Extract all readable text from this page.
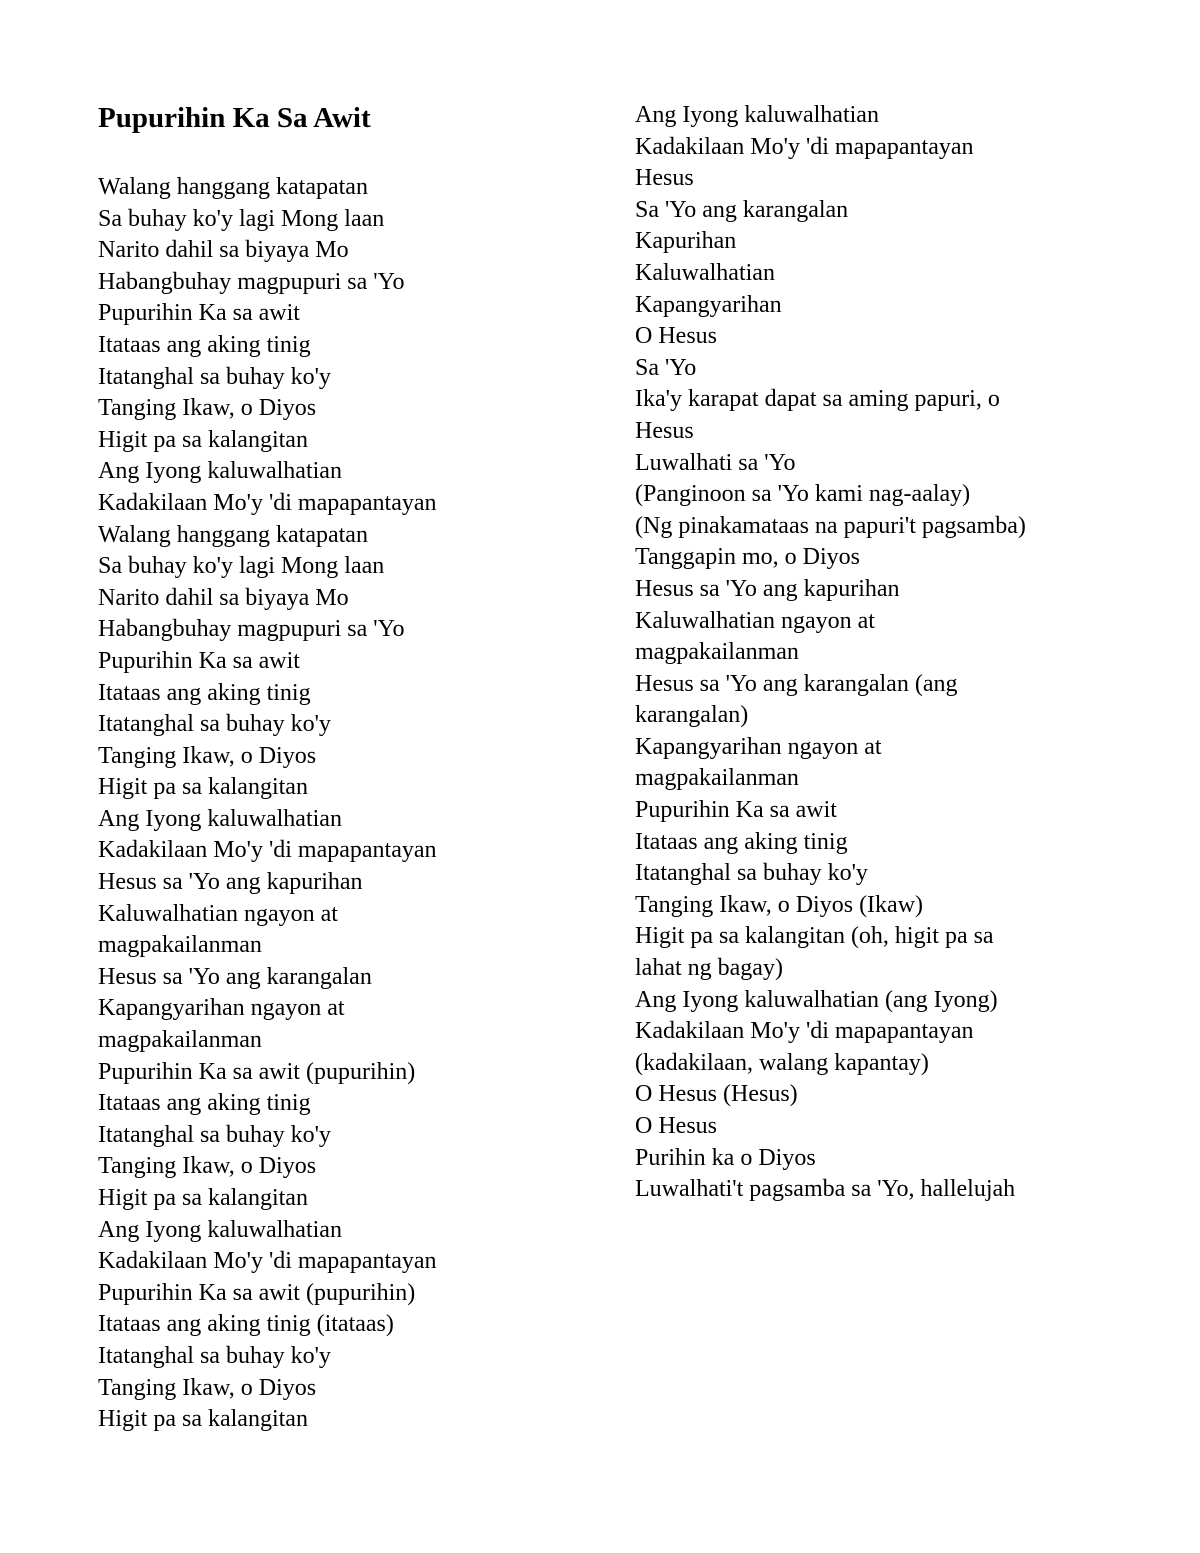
Pupurihin Ka Sa Awit
Walang hanggang katapatan
Sa buhay ko'y lagi Mong laan
Narito dahil sa biyaya Mo
Habangbuhay magpupuri sa 'Yo
Pupurihin Ka sa awit
Itataas ang aking tinig
Itatanghal sa buhay ko'y
Tanging Ikaw, o Diyos
Higit pa sa kalangitan
Ang Iyong kaluwalhatian
Kadakilaan Mo'y 'di mapapantayan
Walang hanggang katapatan
Sa buhay ko'y lagi Mong laan
Narito dahil sa biyaya Mo
Habangbuhay magpupuri sa 'Yo
Pupurihin Ka sa awit
Itataas ang aking tinig
Itatanghal sa buhay ko'y
Tanging Ikaw, o Diyos
Higit pa sa kalangitan
Ang Iyong kaluwalhatian
Kadakilaan Mo'y 'di mapapantayan
Hesus sa 'Yo ang kapurihan
Kaluwalhatian ngayon at
magpakailanman
Hesus sa 'Yo ang karangalan
Kapangyarihan ngayon at
magpakailanman
Pupurihin Ka sa awit (pupurihin)
Itataas ang aking tinig
Itatanghal sa buhay ko'y
Tanging Ikaw, o Diyos
Higit pa sa kalangitan
Ang Iyong kaluwalhatian
Kadakilaan Mo'y 'di mapapantayan
Pupurihin Ka sa awit (pupurihin)
Itataas ang aking tinig (itataas)
Itatanghal sa buhay ko'y
Tanging Ikaw, o Diyos
Higit pa sa kalangitan
Ang Iyong kaluwalhatian
Kadakilaan Mo'y 'di mapapantayan
Hesus
Sa 'Yo ang karangalan
Kapurihan
Kaluwalhatian
Kapangyarihan
O Hesus
Sa 'Yo
Ika'y karapat dapat sa aming papuri, o
Hesus
Luwalhati sa 'Yo
(Panginoon sa 'Yo kami nag-aalay)
(Ng pinakamataas na papuri't pagsamba)
Tanggapin mo, o Diyos
Hesus sa 'Yo ang kapurihan
Kaluwalhatian ngayon at
magpakailanman
Hesus sa 'Yo ang karangalan (ang
karangalan)
Kapangyarihan ngayon at
magpakailanman
Pupurihin Ka sa awit
Itataas ang aking tinig
Itatanghal sa buhay ko'y
Tanging Ikaw, o Diyos (Ikaw)
Higit pa sa kalangitan (oh, higit pa sa
lahat ng bagay)
Ang Iyong kaluwalhatian (ang Iyong)
Kadakilaan Mo'y 'di mapapantayan
(kadakilaan, walang kapantay)
O Hesus (Hesus)
O Hesus
Purihin ka o Diyos
Luwalhati't pagsamba sa 'Yo, hallelujah
